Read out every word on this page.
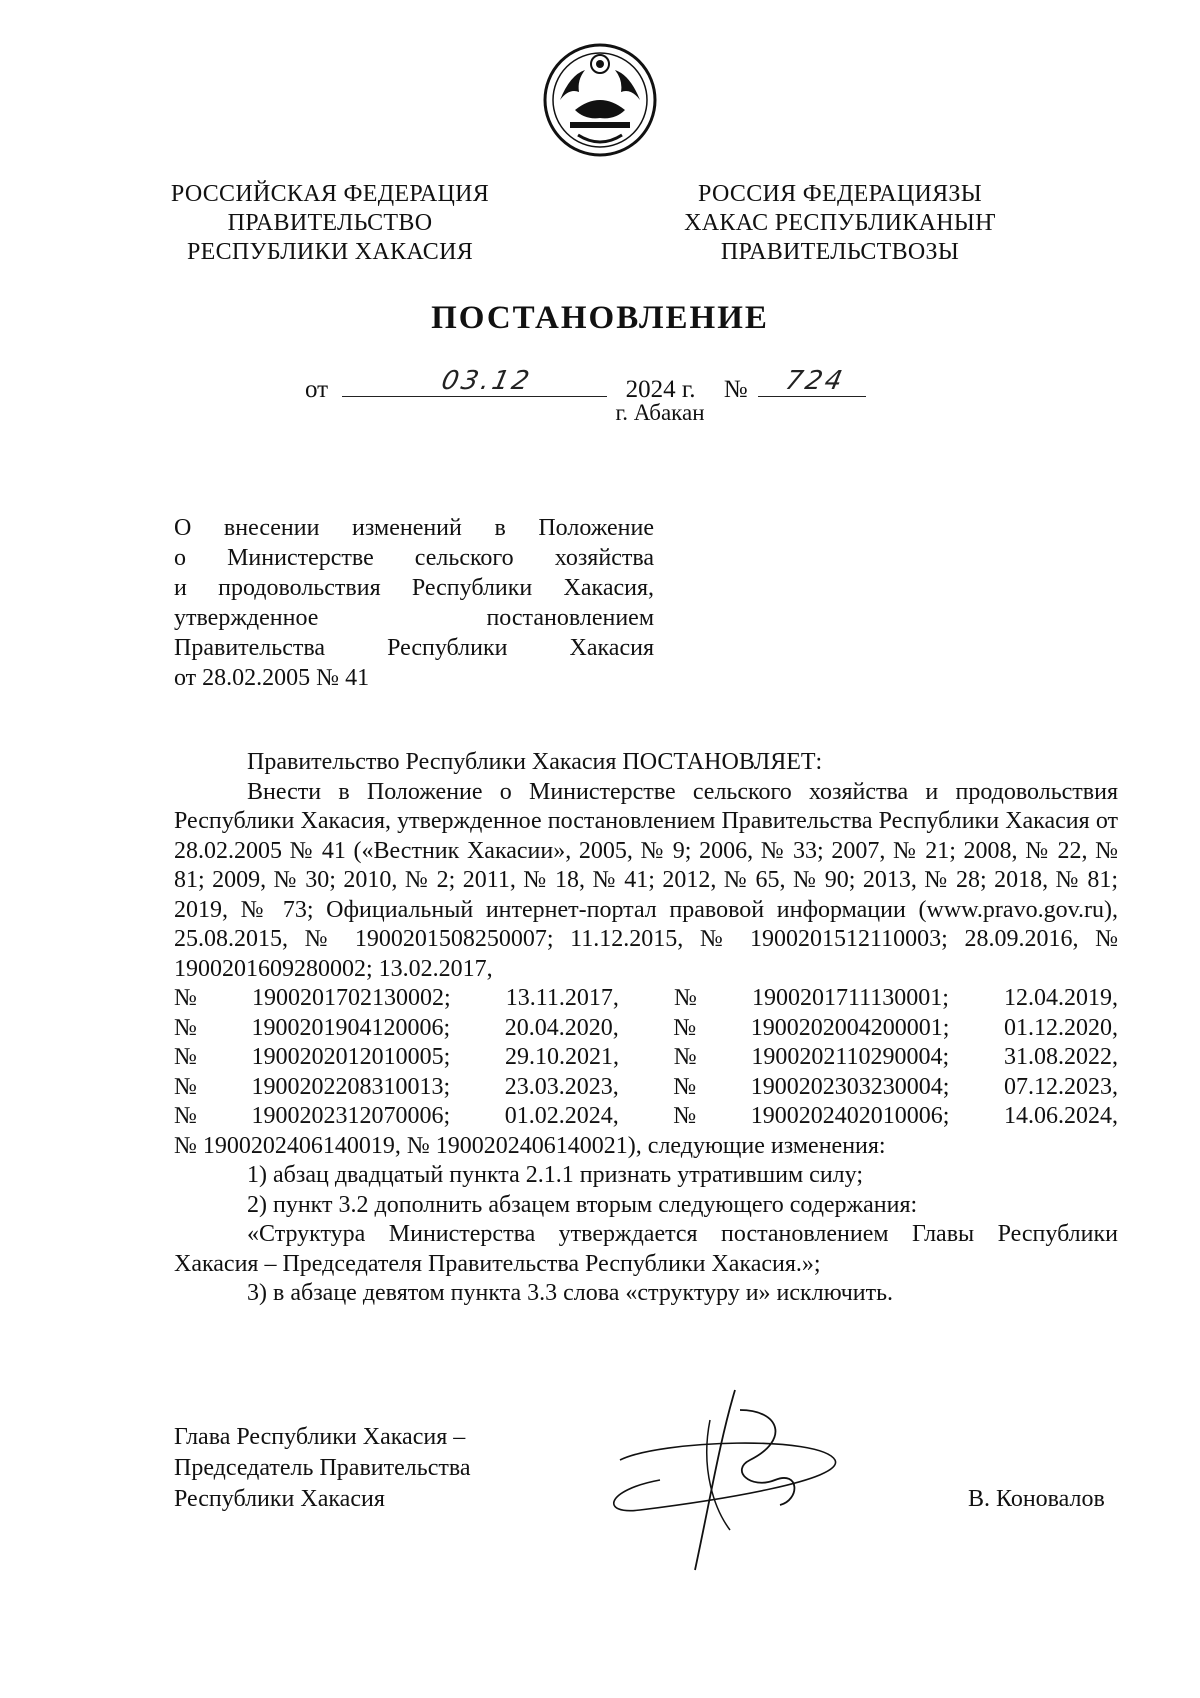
РОССИЙСКАЯ ФЕДЕРАЦИЯ
ПРАВИТЕЛЬСТВО
РЕСПУБЛИКИ ХАКАСИЯ
РОССИЯ ФЕДЕРАЦИЯЗЫ
ХАКАС РЕСПУБЛИКАНЫҤ
ПРАВИТЕЛЬСТВОЗЫ
ПОСТАНОВЛЕНИЕ
от	03.12	2024 г. № 724
г. Абакан
О внесении изменений в Положение
о Министерстве сельского хозяйства
и продовольствия Республики Хакасия,
утвержденное постановлением
Правительства Республики Хакасия
от 28.02.2005 № 41

Правительство Республики Хакасия ПОСТАНОВЛЯЕТ:

Внести в Положение о Министерстве сельского хозяйства и продовольствия Республики Хакасия, утвержденное постановлением Правительства Республики Хакасия от 28.02.2005 № 41 («Вестник Хакасии», 2005, № 9; 2006, № 33; 2007, № 21; 2008, № 22, № 81; 2009, № 30; 2010, № 2; 2011, № 18, № 41; 2012, № 65, № 90; 2013, № 28; 2018, № 81; 2019, № 73; Официальный интернет-портал правовой информации (www.pravo.gov.ru), 25.08.2015, № 1900201508250007; 11.12.2015, № 1900201512110003; 28.09.2016, № 1900201609280002; 13.02.2017,

№ 1900201702130002; 13.11.2017, № 1900201711130001; 12.04.2019,
№ 1900201904120006; 20.04.2020, № 1900202004200001; 01.12.2020,
№ 1900202012010005; 29.10.2021, № 1900202110290004; 31.08.2022,
№ 1900202208310013; 23.03.2023, № 1900202303230004; 07.12.2023,
№ 1900202312070006; 01.02.2024, № 1900202402010006; 14.06.2024,

№ 1900202406140019, № 1900202406140021), следующие изменения:

1) абзац двадцатый пункта 2.1.1 признать утратившим силу;

2) пункт 3.2 дополнить абзацем вторым следующего содержания:

«Структура Министерства утверждается постановлением Главы Республики Хакасия – Председателя Правительства Республики Хакасия.»;

3) в абзаце девятом пункта 3.3 слова «структуру и» исключить.

Глава Республики Хакасия –
Председатель Правительства
Республики Хакасия	В. Коновалов
